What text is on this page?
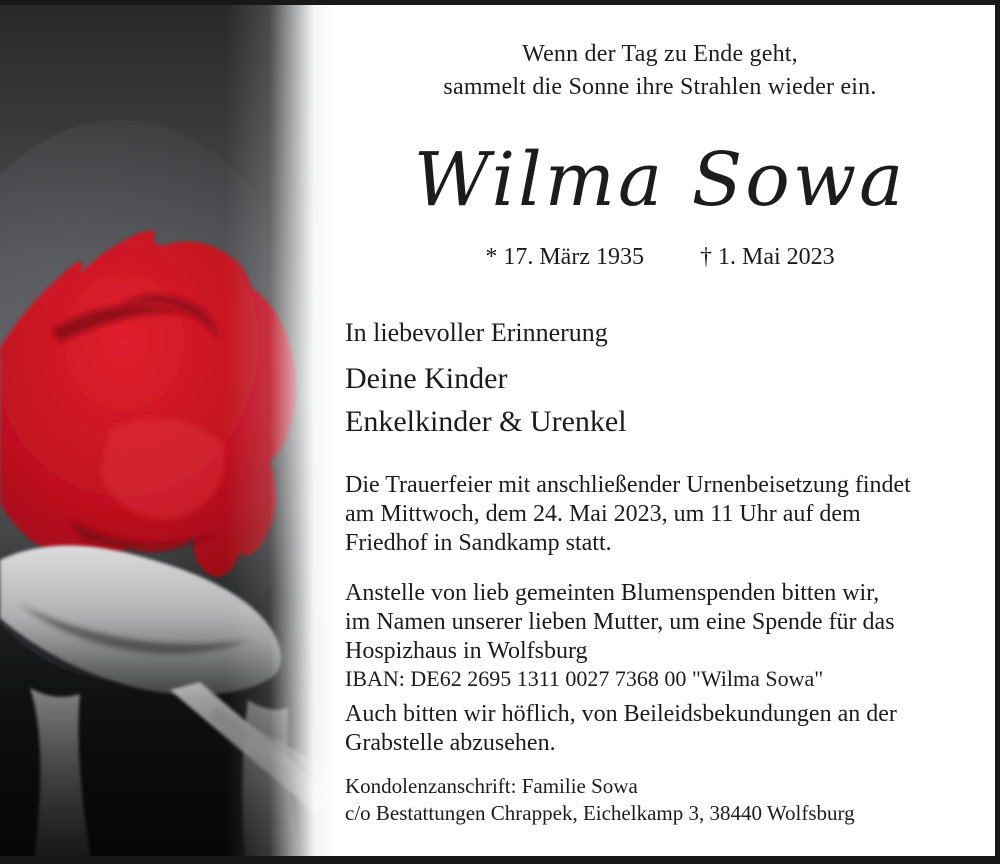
Wenn der Tag zu Ende geht,
sammelt die Sonne ihre Strahlen wieder ein.
Wilma Sowa
* 17. März 1935 † 1. Mai 2023
In liebevoller Erinnerung
Deine Kinder
Enkelkinder & Urenkel
Die Trauerfeier mit anschließender Urnenbeisetzung findet
am Mittwoch, dem 24. Mai 2023, um 11 Uhr auf dem
Friedhof in Sandkamp statt.
Anstelle von lieb gemeinten Blumenspenden bitten wir,
im Namen unserer lieben Mutter, um eine Spende für das
Hospizhaus in Wolfsburg
IBAN: DE62 2695 1311 0027 7368 00 "Wilma Sowa"
Auch bitten wir höflich, von Beileidsbekundungen an der
Grabstelle abzusehen.
Kondolenzanschrift: Familie Sowa
c/o Bestattungen Chrappek, Eichelkamp 3, 38440 Wolfsburg
